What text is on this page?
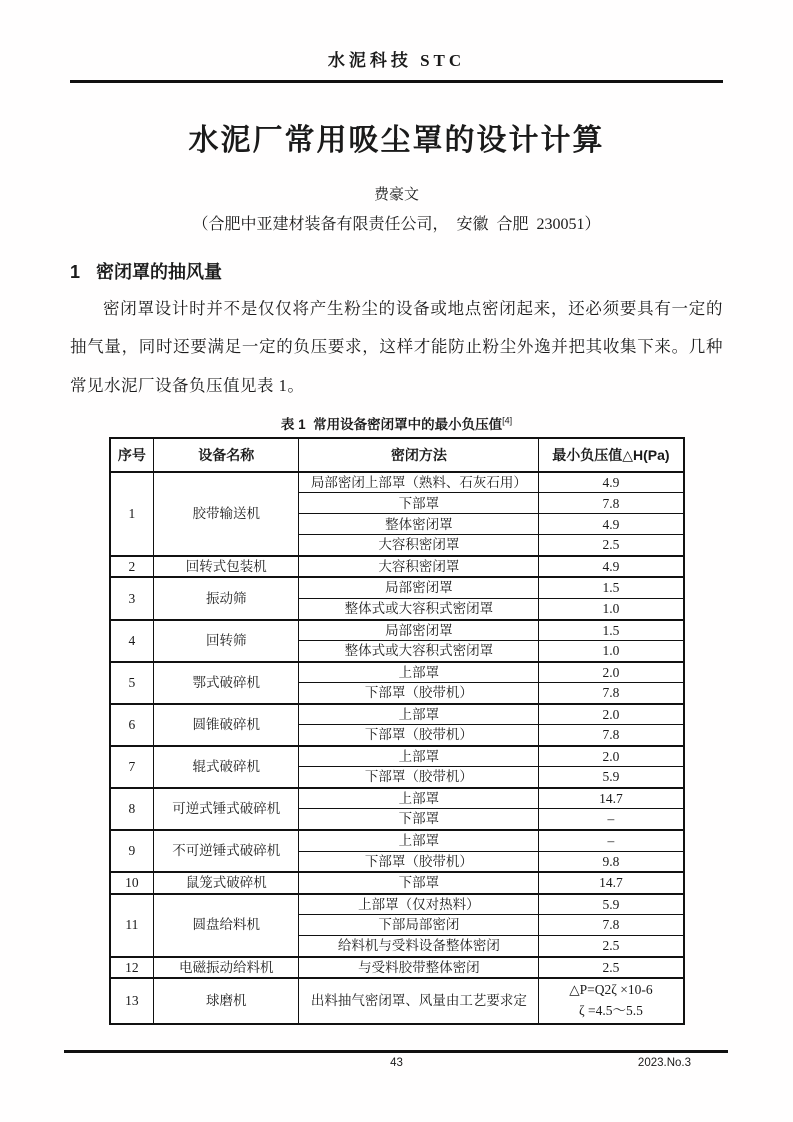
水泥科技 STC
水泥厂常用吸尘罩的设计计算
费豪文
（合肥中亚建材装备有限责任公司，  安徽  合肥  230051）
1 密闭罩的抽风量

密闭罩设计时并不是仅仅将产生粉尘的设备或地点密闭起来，还必须要具有一定的抽气量，同时还要满足一定的负压要求，这样才能防止粉尘外逸并把其收集下来。几种常见水泥厂设备负压值见表 1。

表 1  常用设备密闭罩中的最小负压值[4]
序号	设备名称	密闭方法	最小负压值△H(Pa)
1	胶带输送机	局部密闭上部罩（熟料、石灰石用）	4.9
		下部罩	7.8
		整体密闭罩	4.9
		大容积密闭罩	2.5
2	回转式包装机	大容积密闭罩	4.9
3	振动筛	局部密闭罩	1.5
		整体式或大容积式密闭罩	1.0
4	回转筛	局部密闭罩	1.5
		整体式或大容积式密闭罩	1.0
5	鄂式破碎机	上部罩	2.0
		下部罩（胶带机）	7.8
6	圆锥破碎机	上部罩	2.0
		下部罩（胶带机）	7.8
7	辊式破碎机	上部罩	2.0
		下部罩（胶带机）	5.9
8	可逆式锤式破碎机	上部罩	14.7
		下部罩	–
9	不可逆锤式破碎机	上部罩	–
		下部罩（胶带机）	9.8
10	鼠笼式破碎机	下部罩	14.7
11	圆盘给料机	上部罩（仅对热料）	5.9
		下部局部密闭	7.8
		给料机与受料设备整体密闭	2.5
12	电磁振动给料机	与受料胶带整体密闭	2.5
13	球磨机	出料抽气密闭罩、风量由工艺要求定	△P=Q2ζ ×10-6
ζ =4.5～5.5
43	2023.No.3
